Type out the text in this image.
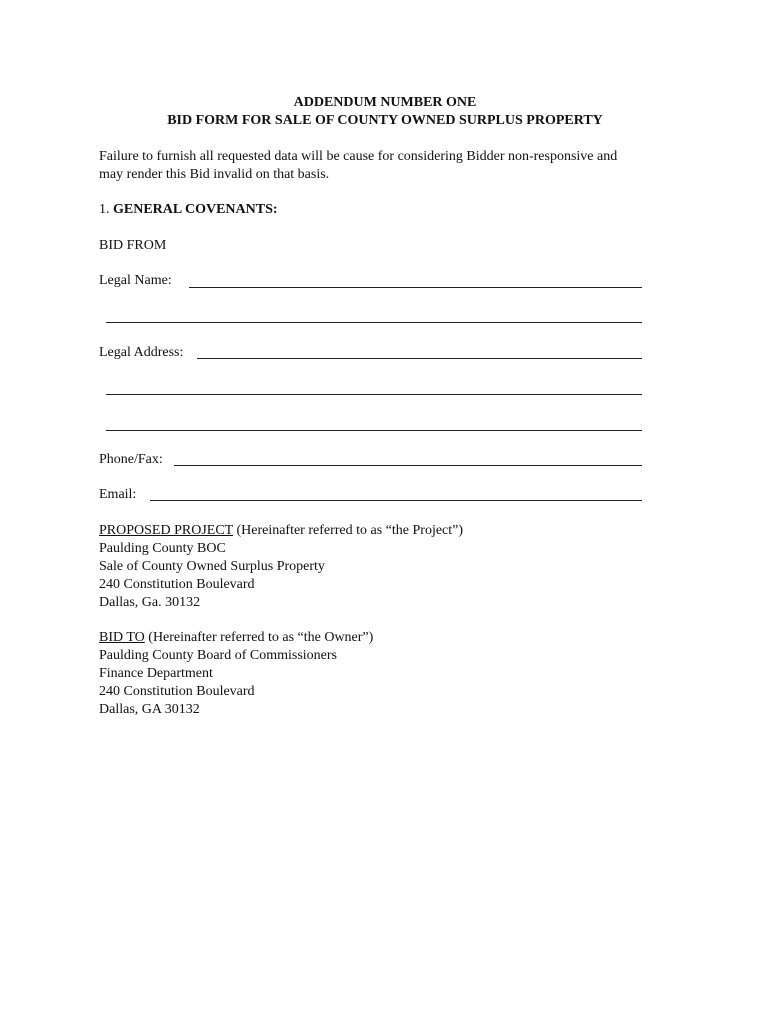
ADDENDUM NUMBER ONE
BID FORM FOR SALE OF COUNTY OWNED SURPLUS PROPERTY
Failure to furnish all requested data will be cause for considering Bidder non-responsive and
may render this Bid invalid on that basis.
1. GENERAL COVENANTS:
BID FROM
Legal Name:
Legal Address:
Phone/Fax:
Email:
PROPOSED PROJECT (Hereinafter referred to as “the Project”)
Paulding County BOC
Sale of County Owned Surplus Property
240 Constitution Boulevard
Dallas, Ga. 30132
BID TO (Hereinafter referred to as “the Owner”)
Paulding County Board of Commissioners
Finance Department
240 Constitution Boulevard
Dallas, GA 30132
